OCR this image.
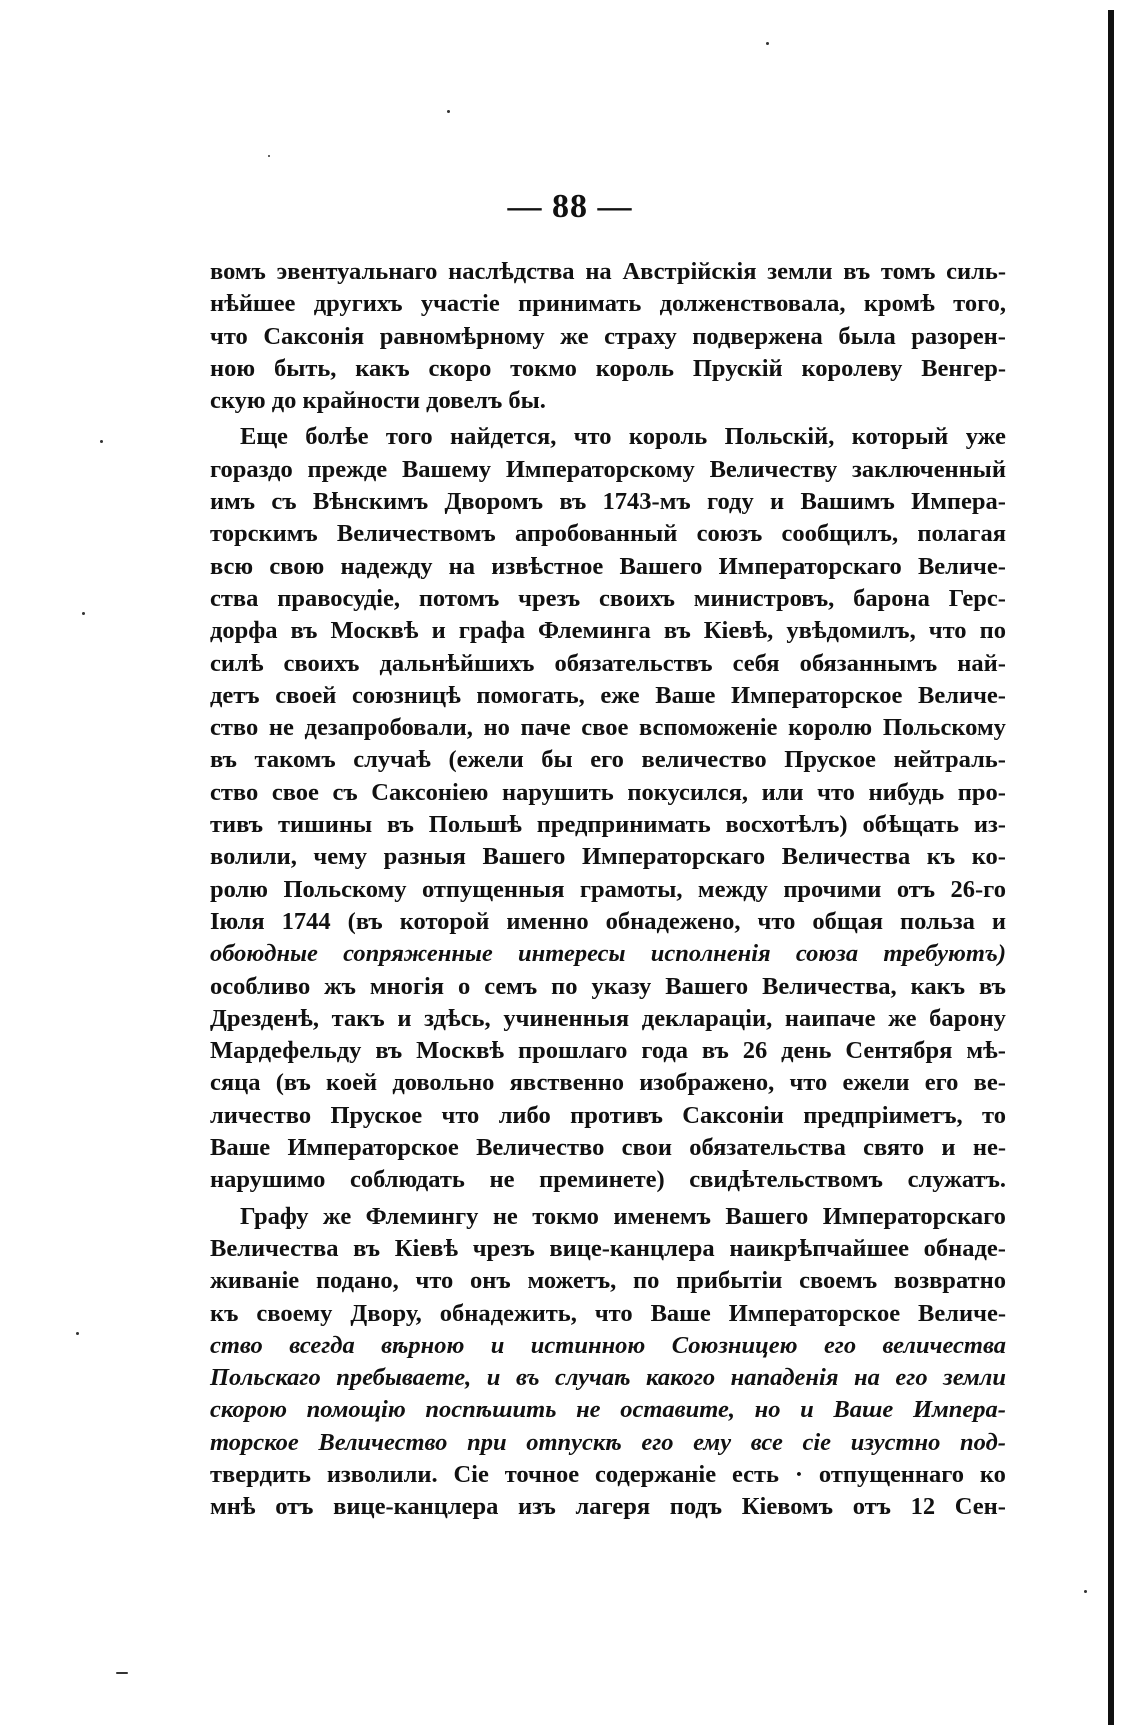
— 88 —
вомъ эвентуальнаго наслѣдства на Австрійскія земли въ томъ силь-
нѣйшее другихъ участіе принимать долженствовала, кромѣ того,
что Саксонія равномѣрному же страху подвержена была разорен-
ною быть, какъ скоро токмо король Прускій королеву Венгер-
скую до крайности довелъ бы.
Еще болѣе того найдется, что король Польскій, который уже
гораздо прежде Вашему Императорскому Величеству заключенный
имъ съ Вѣнскимъ Дворомъ въ 1743-мъ году и Вашимъ Импера-
торскимъ Величествомъ апробованный союзъ сообщилъ, полагая
всю свою надежду на извѣстное Вашего Императорскаго Величе-
ства правосудіе, потомъ чрезъ своихъ министровъ, барона Герс-
дорфа въ Москвѣ и графа Флеминга въ Кіевѣ, увѣдомилъ, что по
силѣ своихъ дальнѣйшихъ обязательствъ себя обязаннымъ най-
детъ своей союзницѣ помогать, еже Ваше Императорское Величе-
ство не дезапробовали, но паче свое вспоможеніе королю Польскому
въ такомъ случаѣ (ежели бы его величество Пруское нейтраль-
ство свое съ Саксоніею нарушить покусился, или что нибудь про-
тивъ тишины въ Польшѣ предпринимать восхотѣлъ) обѣщать из-
волили, чему разныя Вашего Императорскаго Величества къ ко-
ролю Польскому отпущенныя грамоты, между прочими отъ 26-го
Іюля 1744 (въ которой именно обнадежено, что общая польза и
обоюдные сопряженные интересы исполненія союза требуютъ)
особливо жъ многія о семъ по указу Вашего Величества, какъ въ
Дрезденѣ, такъ и здѣсь, учиненныя деклараціи, наипаче же барону
Мардефельду въ Москвѣ прошлаго года въ 26 день Сентября мѣ-
сяца (въ коей довольно явственно изображено, что ежели его ве-
личество Пруское что либо противъ Саксоніи предпріиметъ, то
Ваше Императорское Величество свои обязательства свято и не-
нарушимо соблюдать не преминете) свидѣтельствомъ служатъ.
Графу же Флемингу не токмо именемъ Вашего Императорскаго
Величества въ Кіевѣ чрезъ вице-канцлера наикрѣпчайшее обнаде-
живаніе подано, что онъ можетъ, по прибытіи своемъ возвратно
къ своему Двору, обнадежить, что Ваше Императорское Величе-
ство всегда вѣрною и истинною Союзницею его величества
Польскаго пребываете, и въ случаѣ какого нападенія на его земли
скорою помощію поспѣшить не оставите, но и Ваше Импера-
торское Величество при отпускѣ его ему все сіе изустно под-
твердить изволили. Сіе точное содержаніе есть · отпущеннаго ко
мнѣ отъ вице-канцлера изъ лагеря подъ Кіевомъ отъ 12 Сен-
